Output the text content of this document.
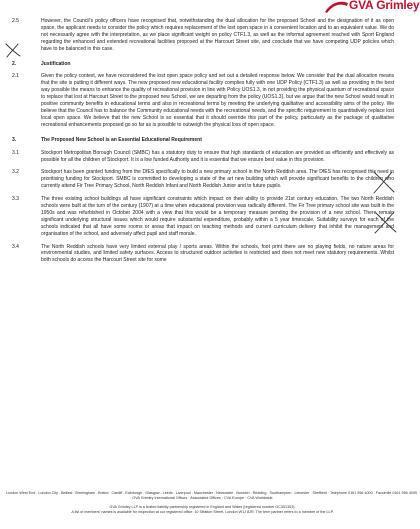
GVA Grimley
2.5	However, the Council's policy officers have recognised that, notwithstanding the dual allocation for the proposed School and the designation of it as open space, the applicant needs to consider the policy which requires replacement of the lost open space in a convenient location and to an equivalent value. We do not necessarily agree with the interpretation, as we place significant weight on policy CTF1.3, as well as the informal agreement reached with Sport England regarding the enhanced and extended recreational facilities proposed at the Harcourt Street site, and conclude that we have competing UDP policies which have to be balanced in this case.
2.	Justification
2.1	Given the policy context, we have reconsidered the lost open space policy and set out a detailed response below. We consider that the dual allocation means that the site is putting it different ways. The new proposed new educational facility complies fully with one UDP Policy (CTF1.3) as well as providing in the best way possible the means to enhance the quality of recreational provision in line with Policy UOS1.3, in not providing the physical quantum of recreational space to replace that lost at Harcourt Street to the proposed new School, we are departing from the policy (UOS1.3), but we argue that the new School would result in positive community benefits in educational terms and also in recreational terms by meeting the underlying qualitative and accessibility aims of the policy. We believe that the Council has to balance the Community educational needs with the recreational needs, and the specific requirement to quantitatively replace lost local open space. We believe that the new School is so essential that it should override this part of the policy, particularly as the package of qualitative recreational enhancements proposed go so far as is possible to outweigh the physical loss of open space.
3.	The Proposed New School is an Essential Educational Requirement
3.1	Stockport Metropolitan Borough Council (SMBC) has a statutory duty to ensure that high standards of education are provided as efficiently and effectively as possible for all the children of Stockport. It is a low funded Authority and it is essential that we ensure best value in this provision.
3.2	Stockport has been granted funding from the DfES specifically to build a new primary school in the North Reddish area. The DfES has recognised this need in prioritising funding for Stockport. SMBC is committed to developing a state of the art new building which will provide significant benefits to the children who currently attend Fir Tree Primary School, North Reddish Infant and North Reddish Junior and to future pupils.
3.3	The three existing school buildings all have significant constraints which impact on their ability to provide 21st century education. The two North Reddish schools were built at the turn of the century (1907) at a time when educational provision was radically different. The Fir Tree primary school site was built in the 1950s and was refurbished in October 2004 with a view that this would be a temporary measure pending the provision of a new school. There remain significant underlying structural issues which would require substantial expenditure, probably within a 5 year timescale. Suitability surveys for each of the schools indicated that all have some rooms or areas that impact on teaching methods and current curriculum delivery that inhibit the management and organisation of the school, and adversely affect pupil and staff morale.
3.4	The North Reddish schools have very limited external play / sports areas. Within the schools, foot print there are no playing fields, no nature areas for environmental studies, and limited safety surfaces. Access to structured outdoor activities is restricted and does not meet new statutory requirements. Whilst both schools do access the Harcourt Street site for some
London West End . London City . Belfast . Birmingham . Bristol . Cardiff . Edinburgh . Glasgow . Leeds . Liverpool . Manchester . Newcastle . Norwich . Reading . Southampton . Leicester . Sheffield · Telephone 0161 956 4000 . Facsimile 0161 956 4009
GVA Grimley International Offices · Associated Offices · CVA Europe · CVA Worldwide
GVA Grimley LLP is a limited liability partnership registered in England and Wales (registered number OC301303).
A list of members' names is available for inspection at our registered office: 10 Stratton Street, London W1J 8JR. The term partner refers to a member of the LLP.
